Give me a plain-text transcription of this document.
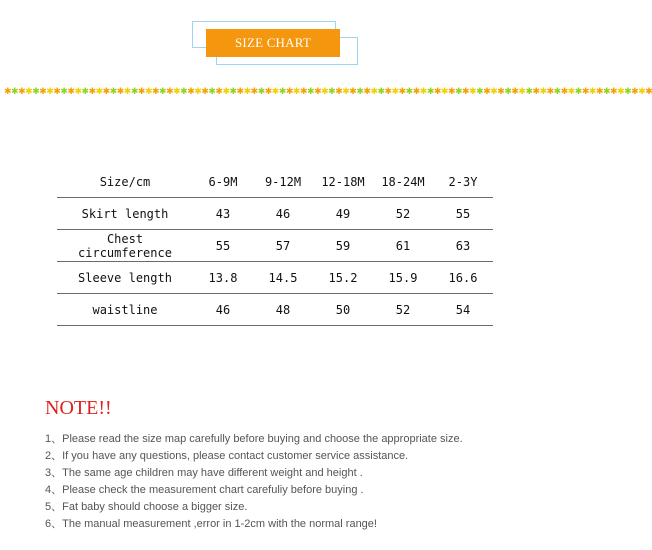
SIZE CHART
✱✱✱✱✱✱✱✱✱✱✱✱✱✱✱✱✱✱✱✱✱✱✱✱✱✱✱✱✱✱✱✱✱✱✱✱✱✱✱✱✱✱✱✱✱✱✱✱✱✱✱✱✱✱✱✱✱✱✱✱✱✱✱✱✱✱✱✱✱✱✱✱✱✱✱✱✱✱✱✱✱✱✱✱✱✱✱✱✱✱✱✱
Size/cm	6-9M	9-12M	12-18M	18-24M	2-3Y
Skirt length	43	46	49	52	55
Chest circumference	55	57	59	61	63
Sleeve length	13.8	14.5	15.2	15.9	16.6
waistline	46	48	50	52	54
NOTE!!
1、Please read the size map carefully before buying and choose the appropriate size.
2、If you have any questions, please contact customer service assistance.
3、The same age children may have different weight and height .
4、Please check the measurement chart carefuliy before buying .
5、Fat baby should choose a bigger size.
6、The manual measurement ,error in 1-2cm with the normal range!
